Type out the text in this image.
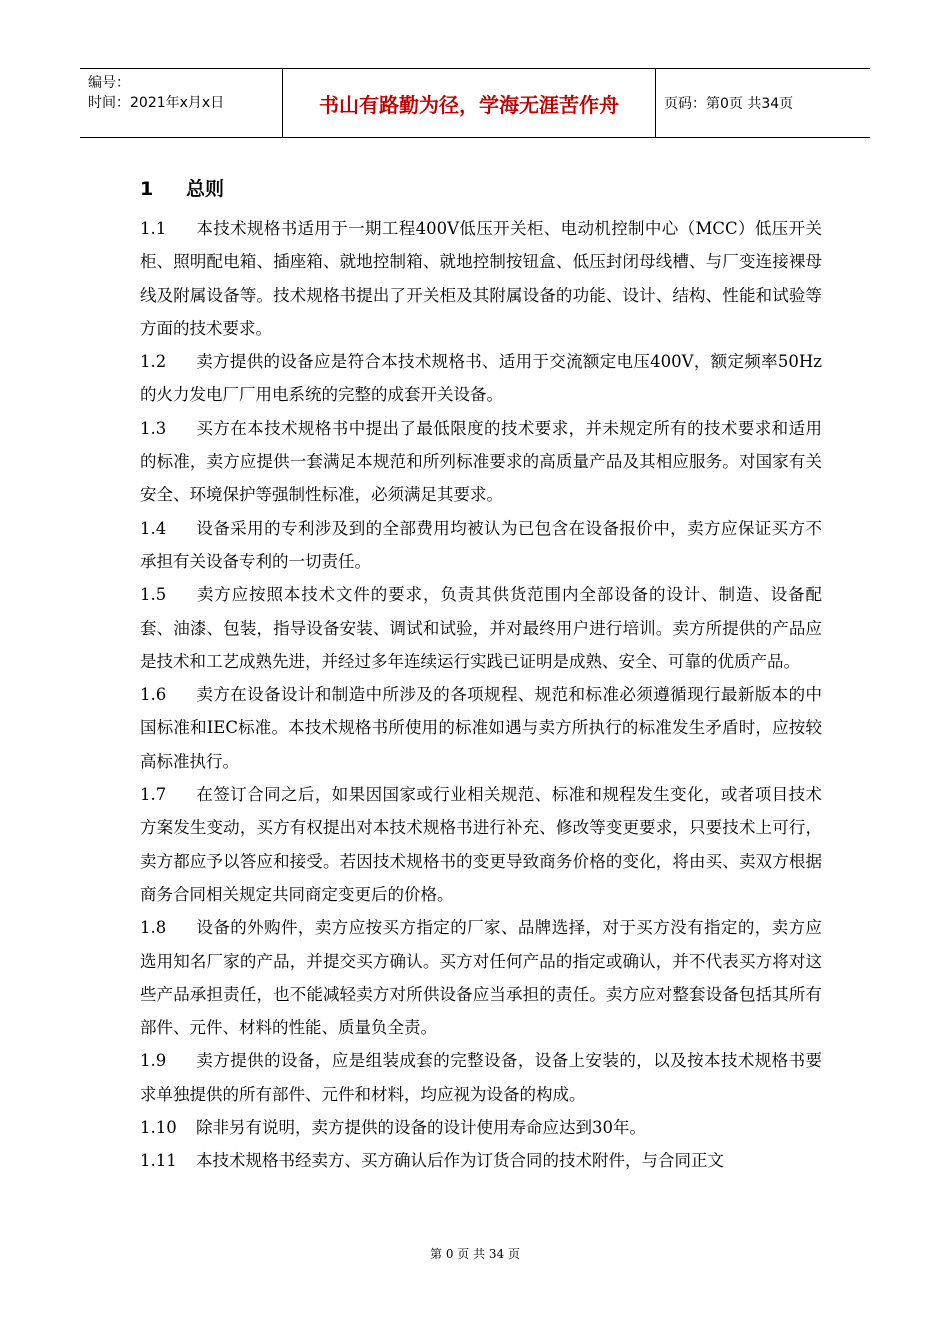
编号：
时间：2021年x月x日	书山有路勤为径，学海无涯苦作舟	页码：第0页 共34页
1 总则
1.1 本技术规格书适用于一期工程400V低压开关柜、电动机控制中心（MCC）低压开关柜、照明配电箱、插座箱、就地控制箱、就地控制按钮盒、低压封闭母线槽、与厂变连接裸母线及附属设备等。技术规格书提出了开关柜及其附属设备的功能、设计、结构、性能和试验等方面的技术要求。
1.2 卖方提供的设备应是符合本技术规格书、适用于交流额定电压400V，额定频率50Hz的火力发电厂厂用电系统的完整的成套开关设备。
1.3 买方在本技术规格书中提出了最低限度的技术要求，并未规定所有的技术要求和适用的标准，卖方应提供一套满足本规范和所列标准要求的高质量产品及其相应服务。对国家有关安全、环境保护等强制性标准，必须满足其要求。
1.4 设备采用的专利涉及到的全部费用均被认为已包含在设备报价中，卖方应保证买方不承担有关设备专利的一切责任。
1.5 卖方应按照本技术文件的要求，负责其供货范围内全部设备的设计、制造、设备配套、油漆、包装，指导设备安装、调试和试验，并对最终用户进行培训。卖方所提供的产品应是技术和工艺成熟先进，并经过多年连续运行实践已证明是成熟、安全、可靠的优质产品。
1.6 卖方在设备设计和制造中所涉及的各项规程、规范和标准必须遵循现行最新版本的中国标准和IEC标准。本技术规格书所使用的标准如遇与卖方所执行的标准发生矛盾时，应按较高标准执行。
1.7 在签订合同之后，如果因国家或行业相关规范、标准和规程发生变化，或者项目技术方案发生变动，买方有权提出对本技术规格书进行补充、修改等变更要求，只要技术上可行，卖方都应予以答应和接受。若因技术规格书的变更导致商务价格的变化，将由买、卖双方根据商务合同相关规定共同商定变更后的价格。
1.8 设备的外购件，卖方应按买方指定的厂家、品牌选择，对于买方没有指定的，卖方应选用知名厂家的产品，并提交买方确认。买方对任何产品的指定或确认，并不代表买方将对这些产品承担责任，也不能减轻卖方对所供设备应当承担的责任。卖方应对整套设备包括其所有部件、元件、材料的性能、质量负全责。
1.9 卖方提供的设备，应是组装成套的完整设备，设备上安装的，以及按本技术规格书要求单独提供的所有部件、元件和材料，均应视为设备的构成。
1.10 除非另有说明，卖方提供的设备的设计使用寿命应达到30年。
1.11 本技术规格书经卖方、买方确认后作为订货合同的技术附件，与合同正文
第 0 页 共 34 页
